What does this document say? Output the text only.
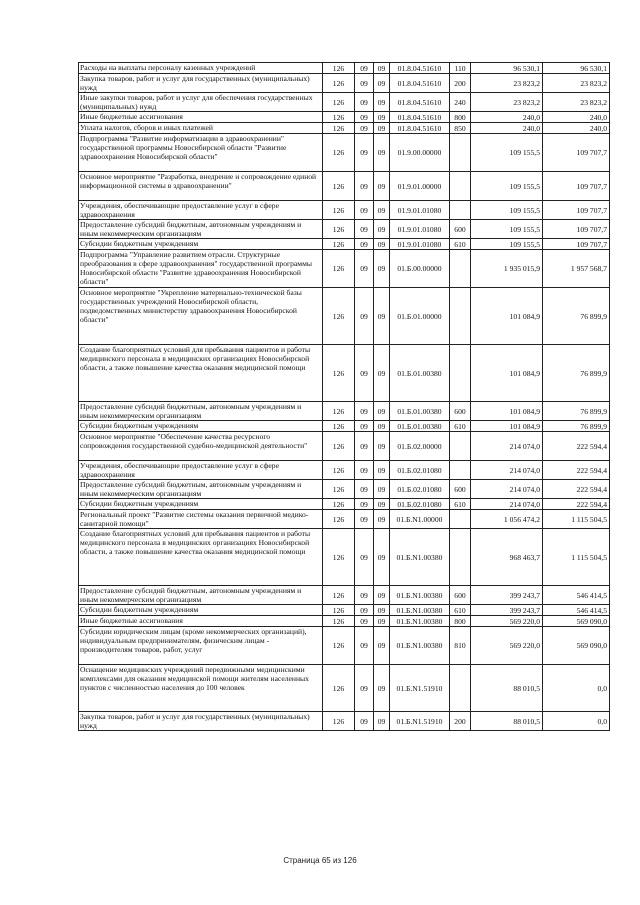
Расходы на выплаты персоналу казенных учреждений	126	09	09	01.8.04.51610	110	96 530,1	96 530,1
Закупка товаров, работ и услуг для государственных (муниципальных) нужд	126	09	09	01.8.04.51610	200	23 823,2	23 823,2
Иные закупки товаров, работ и услуг для обеспечения государственных (муниципальных) нужд	126	09	09	01.8.04.51610	240	23 823,2	23 823,2
Иные бюджетные ассигнования	126	09	09	01.8.04.51610	800	240,0	240,0
Уплата налогов, сборов и иных платежей	126	09	09	01.8.04.51610	850	240,0	240,0
Подпрограмма "Развитие информатизации в здравоохранении" государственной программы Новосибирской области "Развитие здравоохранения Новосибирской области"	126	09	09	01.9.00.00000		109 155,5	109 707,7
Основное мероприятие "Разработка, внедрение и сопровождение единой информационной системы в здравоохранении"	126	09	09	01.9.01.00000		109 155,5	109 707,7
Учреждения, обеспечивающие предоставление услуг в сфере здравоохранения	126	09	09	01.9.01.01080		109 155,5	109 707,7
Предоставление субсидий бюджетным, автономным учреждениям и иным некоммерческим организациям	126	09	09	01.9.01.01080	600	109 155,5	109 707,7
Субсидии бюджетным учреждениям	126	09	09	01.9.01.01080	610	109 155,5	109 707,7
Подпрограмма "Управление развитием отрасли. Структурные преобразования в сфере здравоохранения" государственной программы Новосибирской области "Развитие здравоохранения Новосибирской области"	126	09	09	01.Б.00.00000		1 935 015,9	1 957 568,7
Основное мероприятие "Укрепление материально-технической базы государственных учреждений Новосибирской области, подведомственных министерству здравоохранения Новосибирской области"	126	09	09	01.Б.01.00000		101 084,9	76 899,9
Создание благоприятных условий для пребывания пациентов и работы медицинского персонала в медицинских организациях Новосибирской области, а также повышение качества оказания медицинской помощи	126	09	09	01.Б.01.00380		101 084,9	76 899,9
Предоставление субсидий бюджетным, автономным учреждениям и иным некоммерческим организациям	126	09	09	01.Б.01.00380	600	101 084,9	76 899,9
Субсидии бюджетным учреждениям	126	09	09	01.Б.01.00380	610	101 084,9	76 899,9
Основное мероприятие "Обеспечение качества ресурсного сопровождения государственной судебно-медицинской деятельности"	126	09	09	01.Б.02.00000		214 074,0	222 594,4
Учреждения, обеспечивающие предоставление услуг в сфере здравоохранения	126	09	09	01.Б.02.01080		214 074,0	222 594,4
Предоставление субсидий бюджетным, автономным учреждениям и иным некоммерческим организациям	126	09	09	01.Б.02.01080	600	214 074,0	222 594,4
Субсидии бюджетным учреждениям	126	09	09	01.Б.02.01080	610	214 074,0	222 594,4
Региональный проект "Развитие системы оказания первичной медико-санитарной помощи"	126	09	09	01.Б.N1.00000		1 056 474,2	1 115 504,5
Создание благоприятных условий для пребывания пациентов и работы медицинского персонала в медицинских организациях Новосибирской области, а также повышение качества оказания медицинской помощи	126	09	09	01.Б.N1.00380		968 463,7	1 115 504,5
Предоставление субсидий бюджетным, автономным учреждениям и иным некоммерческим организациям	126	09	09	01.Б.N1.00380	600	399 243,7	546 414,5
Субсидии бюджетным учреждениям	126	09	09	01.Б.N1.00380	610	399 243,7	546 414,5
Иные бюджетные ассигнования	126	09	09	01.Б.N1.00380	800	569 220,0	569 090,0
Субсидии юридическим лицам (кроме некоммерческих организаций), индивидуальным предпринимателям, физическим лицам - производителям товаров, работ, услуг	126	09	09	01.Б.N1.00380	810	569 220,0	569 090,0
Оснащение медицинских учреждений передвижными медицинскими комплексами для оказания медицинской помощи жителям населенных пунктов с численностью населения до 100 человек	126	09	09	01.Б.N1.51910		88 010,5	0,0
Закупка товаров, работ и услуг для государственных (муниципальных) нужд	126	09	09	01.Б.N1.51910	200	88 010,5	0,0
Страница 65 из 126
